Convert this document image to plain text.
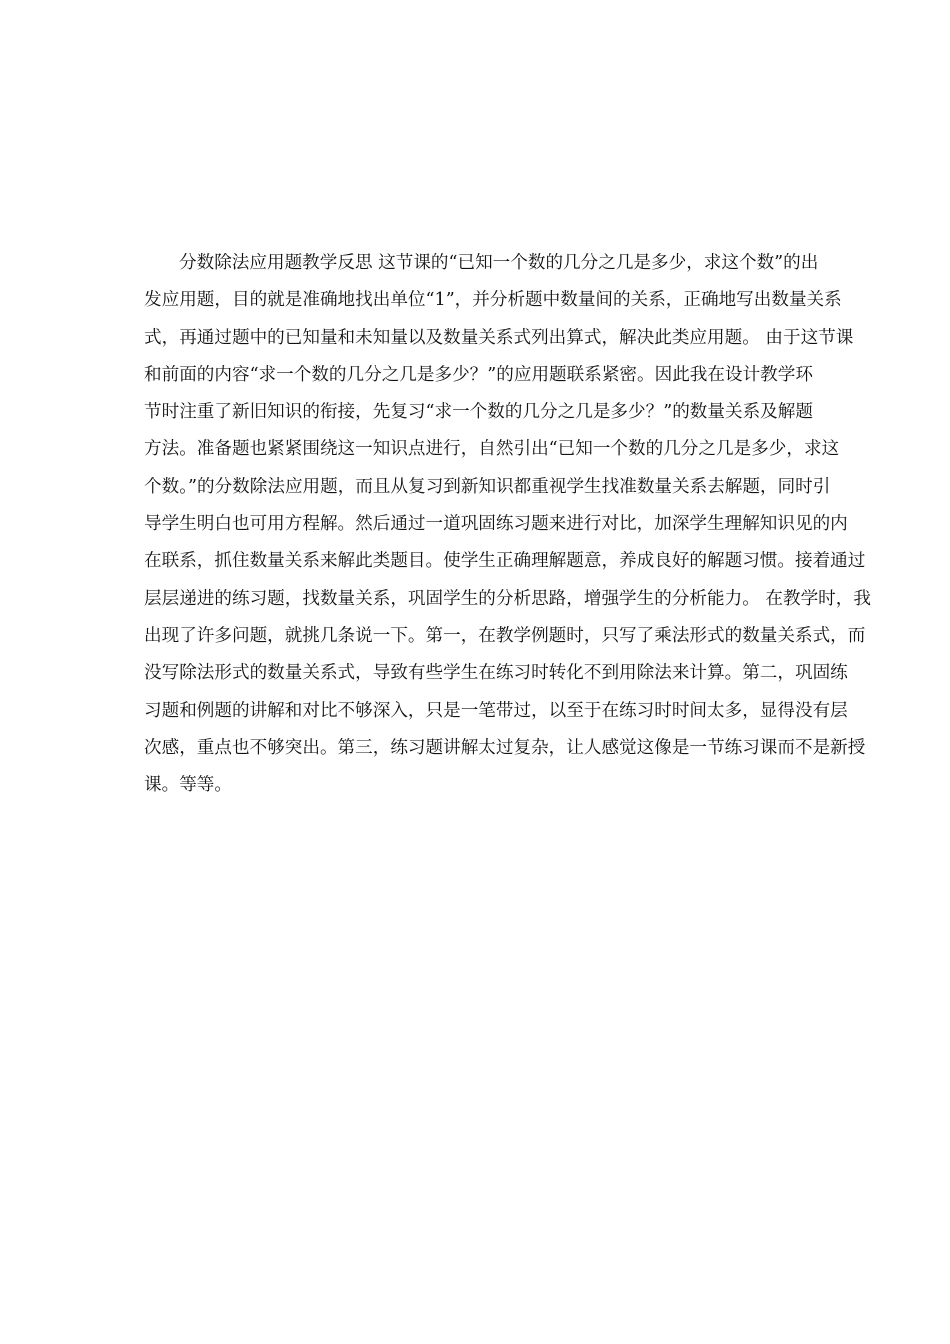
分数除法应用题教学反思 这节课的“已知一个数的几分之几是多少，求这个数”的出
发应用题，目的就是准确地找出单位“1”，并分析题中数量间的关系，正确地写出数量关系
式，再通过题中的已知量和未知量以及数量关系式列出算式，解决此类应用题。 由于这节课
和前面的内容“求一个数的几分之几是多少？”的应用题联系紧密。因此我在设计教学环
节时注重了新旧知识的衔接，先复习“求一个数的几分之几是多少？”的数量关系及解题
方法。准备题也紧紧围绕这一知识点进行，自然引出“已知一个数的几分之几是多少，求这
个数。”的分数除法应用题，而且从复习到新知识都重视学生找准数量关系去解题，同时引
导学生明白也可用方程解。然后通过一道巩固练习题来进行对比，加深学生理解知识见的内
在联系，抓住数量关系来解此类题目。使学生正确理解题意，养成良好的解题习惯。接着通过
层层递进的练习题，找数量关系，巩固学生的分析思路，增强学生的分析能力。 在教学时，我
出现了许多问题，就挑几条说一下。第一，在教学例题时，只写了乘法形式的数量关系式，而
没写除法形式的数量关系式，导致有些学生在练习时转化不到用除法来计算。第二，巩固练
习题和例题的讲解和对比不够深入，只是一笔带过，以至于在练习时时间太多，显得没有层
次感，重点也不够突出。第三，练习题讲解太过复杂，让人感觉这像是一节练习课而不是新授
课。等等。
